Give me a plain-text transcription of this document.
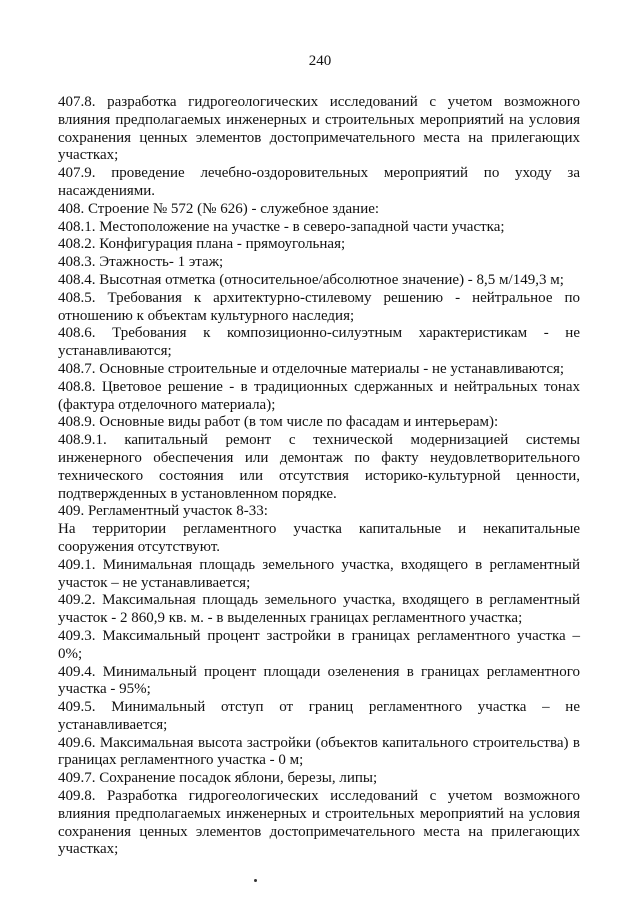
240

407.8. разработка гидрогеологических исследований с учетом возможного влияния предполагаемых инженерных и строительных мероприятий на условия сохранения ценных элементов достопримечательного места на прилегающих участках;

407.9. проведение лечебно-оздоровительных мероприятий по уходу за насаждениями.

408. Строение № 572 (№ 626) - служебное здание:

408.1. Местоположение на участке - в северо-западной части участка;

408.2. Конфигурация плана - прямоугольная;

408.3. Этажность- 1 этаж;

408.4. Высотная отметка (относительное/абсолютное значение) - 8,5 м/149,3 м;

408.5. Требования к архитектурно-стилевому решению - нейтральное по отношению к объектам культурного наследия;

408.6. Требования к композиционно-силуэтным характеристикам - не устанавливаются;

408.7. Основные строительные и отделочные материалы - не устанавливаются;

408.8. Цветовое решение - в традиционных сдержанных и нейтральных тонах (фактура отделочного материала);

408.9. Основные виды работ (в том числе по фасадам и интерьерам):

408.9.1. капитальный ремонт с технической модернизацией системы инженерного обеспечения или демонтаж по факту неудовлетворительного технического состояния или отсутствия историко-культурной ценности, подтвержденных в установленном порядке.

409. Регламентный участок 8-33:

На территории регламентного участка капитальные и некапитальные сооружения отсутствуют.

409.1. Минимальная площадь земельного участка, входящего в регламентный участок – не устанавливается;

409.2. Максимальная площадь земельного участка, входящего в регламентный участок - 2 860,9 кв. м. - в выделенных границах регламентного участка;

409.3. Максимальный процент застройки в границах регламентного участка – 0%;

409.4. Минимальный процент площади озеленения в границах регламентного участка - 95%;

409.5. Минимальный отступ от границ регламентного участка – не устанавливается;

409.6. Максимальная высота застройки (объектов капитального строительства) в границах регламентного участка - 0 м;

409.7. Сохранение посадок яблони, березы, липы;

409.8. Разработка гидрогеологических исследований с учетом возможного влияния предполагаемых инженерных и строительных мероприятий на условия сохранения ценных элементов достопримечательного места на прилегающих участках;
